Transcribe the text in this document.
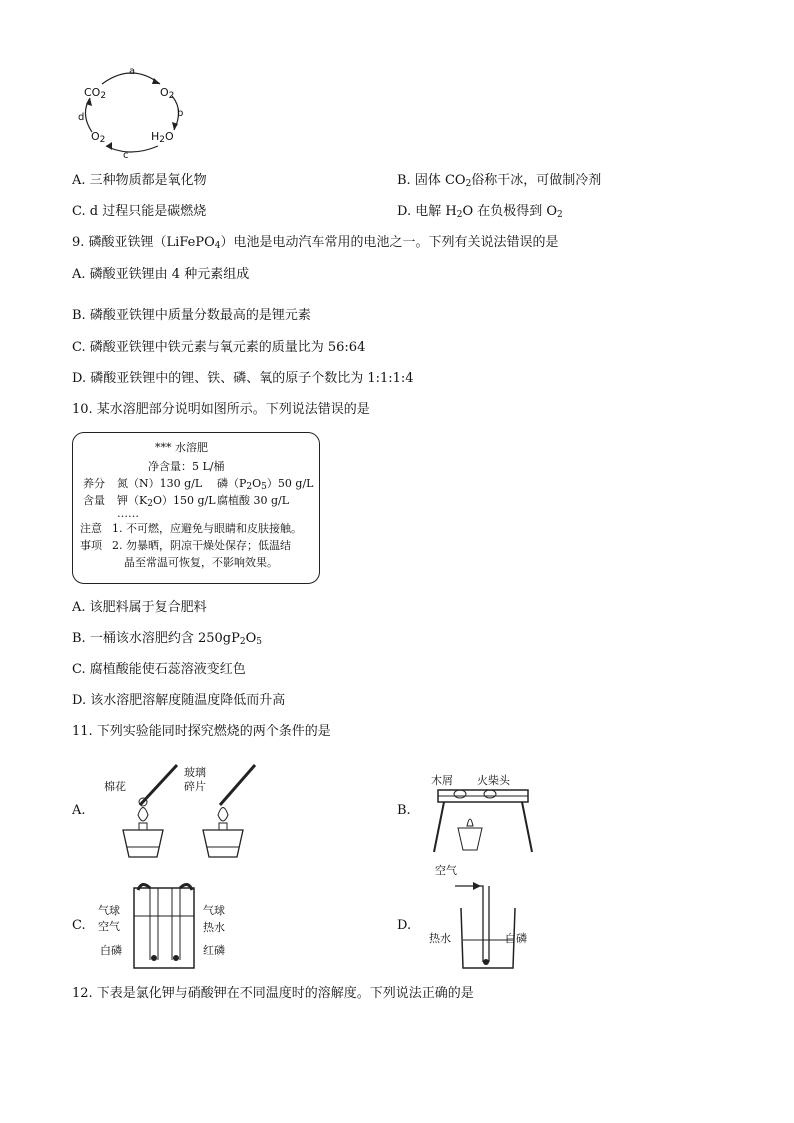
$CO_2$	$O_2$
$H_2O$
$O_2$
a
b
c
d
A. 三种物质都是氧化物	B. 固体 $CO_2$俗称干冰，可做制冷剂
C. d 过程只能是碳燃烧	D. 电解 $H_2O$ 在负极得到 $O_2$
9. 磷酸亚铁锂（LiFePO$_4$）电池是电动汽车常用的电池之一。下列有关说法错误的是
A. 磷酸亚铁锂由 4 种元素组成
B. 磷酸亚铁锂中质量分数最高的是锂元素
C. 磷酸亚铁锂中铁元素与氧元素的质量比为 56:64
D. 磷酸亚铁锂中的锂、铁、磷、氧的原子个数比为 1:1:1:4
10. 某水溶肥部分说明如图所示。下列说法错误的是
*** 水溶肥
净含量：5 L/桶
养分 氮（N）130 g/L 磷$(P_2O_5)50$ g/L
含量 钾$(K_2O)150$ g/L 腐植酸 30 g/L
……
注意
事项
1. 不可燃，应避免与眼睛和皮肤接触。
2. 勿暴晒，阴凉干燥处保存；低温结
晶至常温可恢复，不影响效果。
A. 该肥料属于复合肥料
B. 一桶该水溶肥约含 $250gP_2O_5$
C. 腐植酸能使石蕊溶液变红色
D. 该水溶肥溶解度随温度降低而升高
11. 下列实验能同时探究燃烧的两个条件的是
A.
棉花
玻璃
碎片
B.
木屑 火柴头
C.
气球
空气
白磷
气球
热水
红磷
D.
空气
热水	白磷
12. 下表是氯化钾与硝酸钾在不同温度时的溶解度。下列说法正确的是
